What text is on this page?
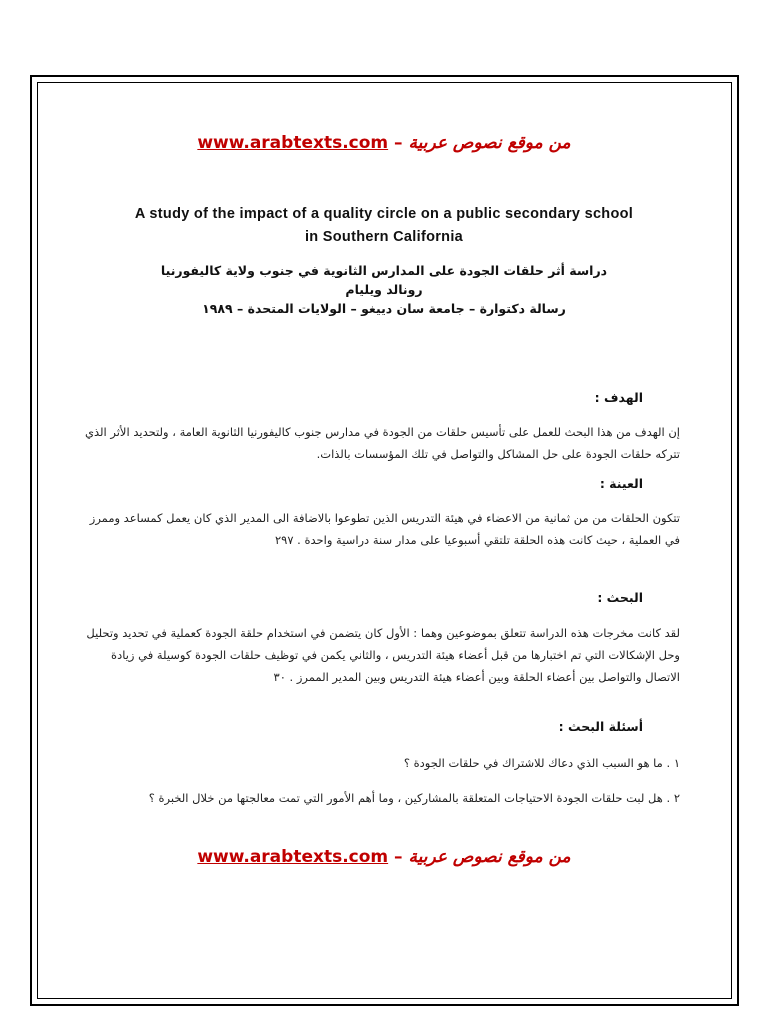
www.arabtexts.com – من موقع نصوص عربية
A study of the impact of a quality circle on a public secondary school
in Southern California
دراسة أثر حلقات الجودة على المدارس الثانوية في جنوب ولاية كاليفورنيا
رونالد ويليام
رسالة دكتوارة – جامعة سان دييغو – الولايات المتحدة – ١٩٨٩
الهدف :
إن الهدف من هذا البحث للعمل على تأسيس حلقات من الجودة في مدارس جنوب كاليفورنيا الثانوية العامة ، ولتحديد الأثر الذي تتركه حلقات الجودة على حل المشاكل والتواصل في تلك المؤسسات بالذات.
العينة :
تتكون الحلقات من من ثمانية من الاعضاء في هيئة التدريس الذين تطوعوا بالاضافة الى المدير الذي كان يعمل كمساعد وممرز في العملية ، حيث كانت هذه الحلقة تلتقي أسبوعيا على مدار سنة دراسية واحدة . ٢٩٧
البحث :
لقد كانت مخرجات هذه الدراسة تتعلق بموضوعين وهما : الأول كان يتضمن في استخدام حلقة الجودة كعملية في تحديد وتحليل وحل الإشكالات التي تم اختبارها من قبل أعضاء هيئة التدريس ، والثاني يكمن في توظيف حلقات الجودة كوسيلة في زيادة الاتصال والتواصل بين أعضاء الحلقة وبين أعضاء هيئة التدريس وبين المدير الممرز . ٣٠
أسئلة البحث :
١ . ما هو السبب الذي دعاك للاشتراك في حلقات الجودة ؟
٢ . هل لبت حلقات الجودة الاحتياجات المتعلقة بالمشاركين ، وما أهم الأمور التي تمت معالجتها من خلال الخبرة ؟
www.arabtexts.com – من موقع نصوص عربية
